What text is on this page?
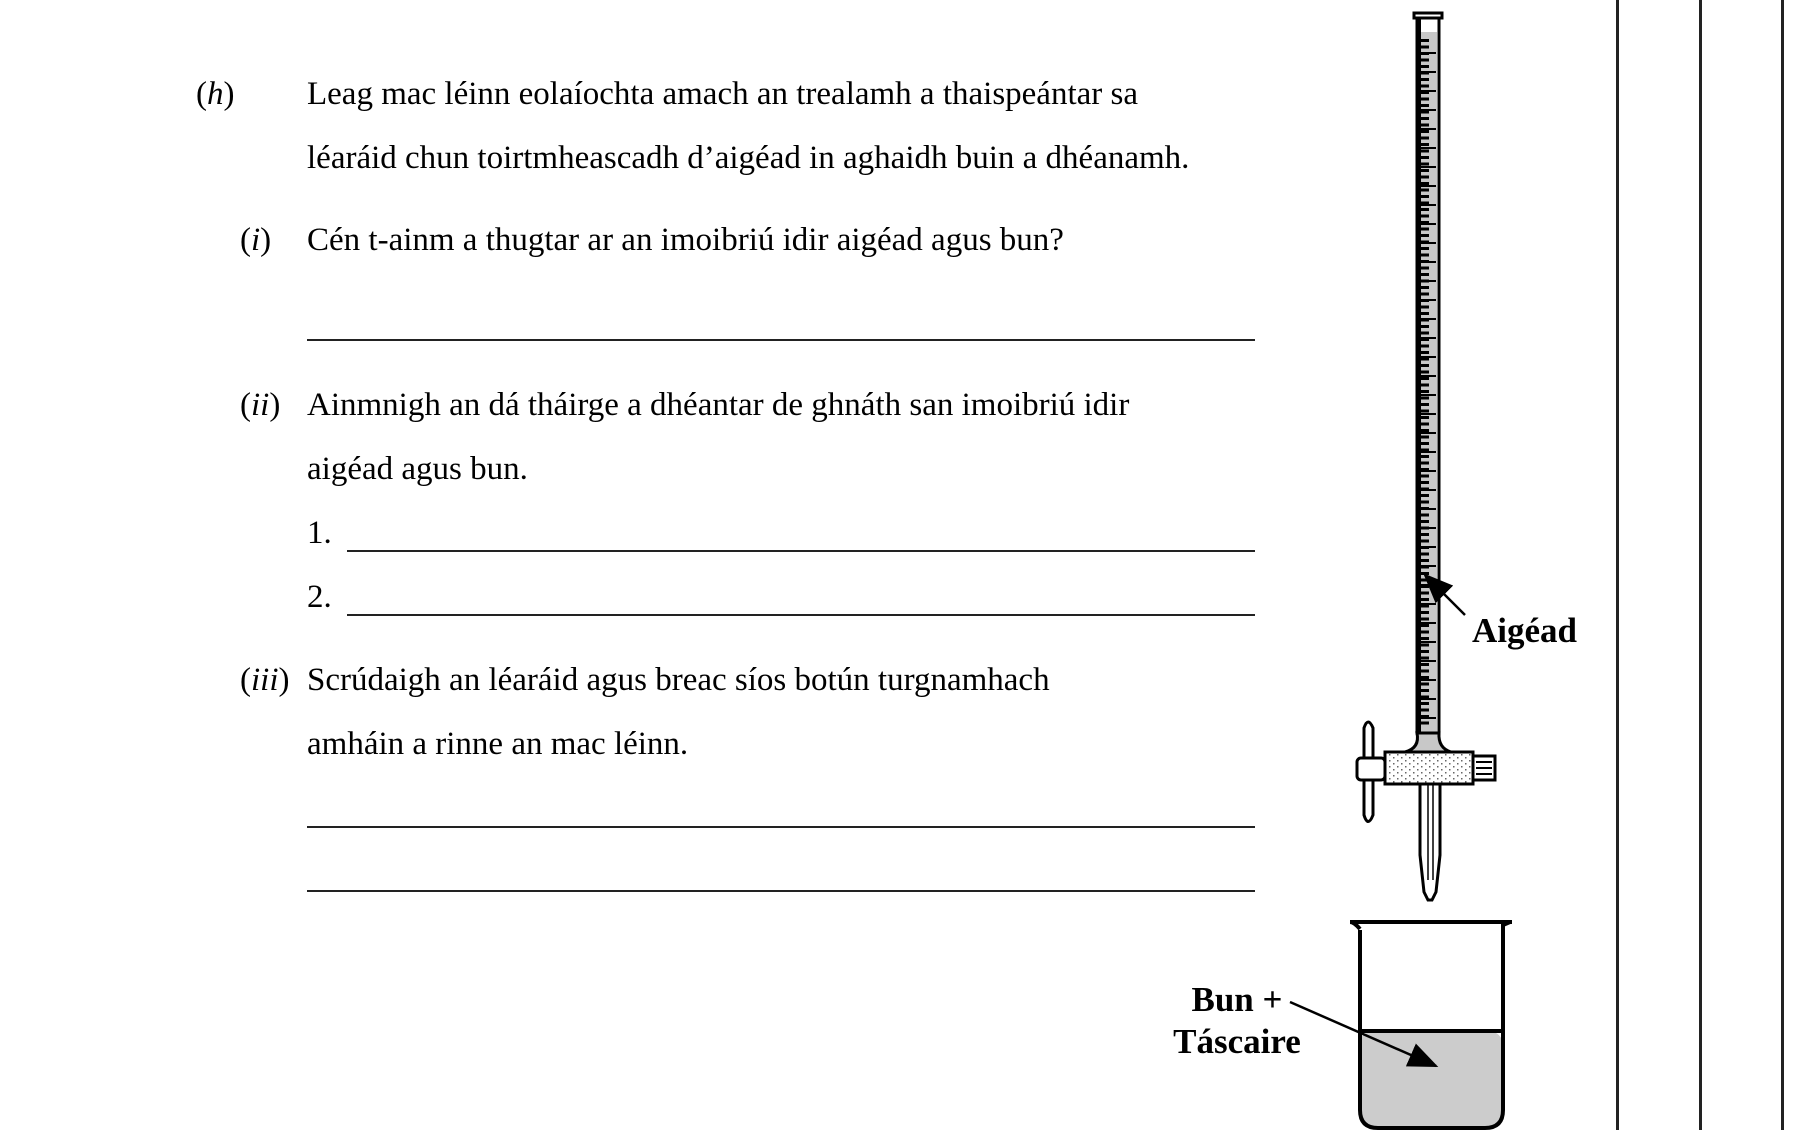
(h) Leag mac léinn eolaíochta amach an trealamh a thaispeántar sa
léaráid chun toirtmheascadh d’aigéad in aghaidh buin a dhéanamh.
(i) Cén t-ainm a thugtar ar an imoibriú idir aigéad agus bun?
(ii) Ainmnigh an dá tháirge a dhéantar de ghnáth san imoibriú idir
aigéad agus bun.
1.
2.
(iii) Scrúdaigh an léaráid agus breac síos botún turgnamhach
amháin a rinne an mac léinn.
Aigéad
Bun +
Táscaire
